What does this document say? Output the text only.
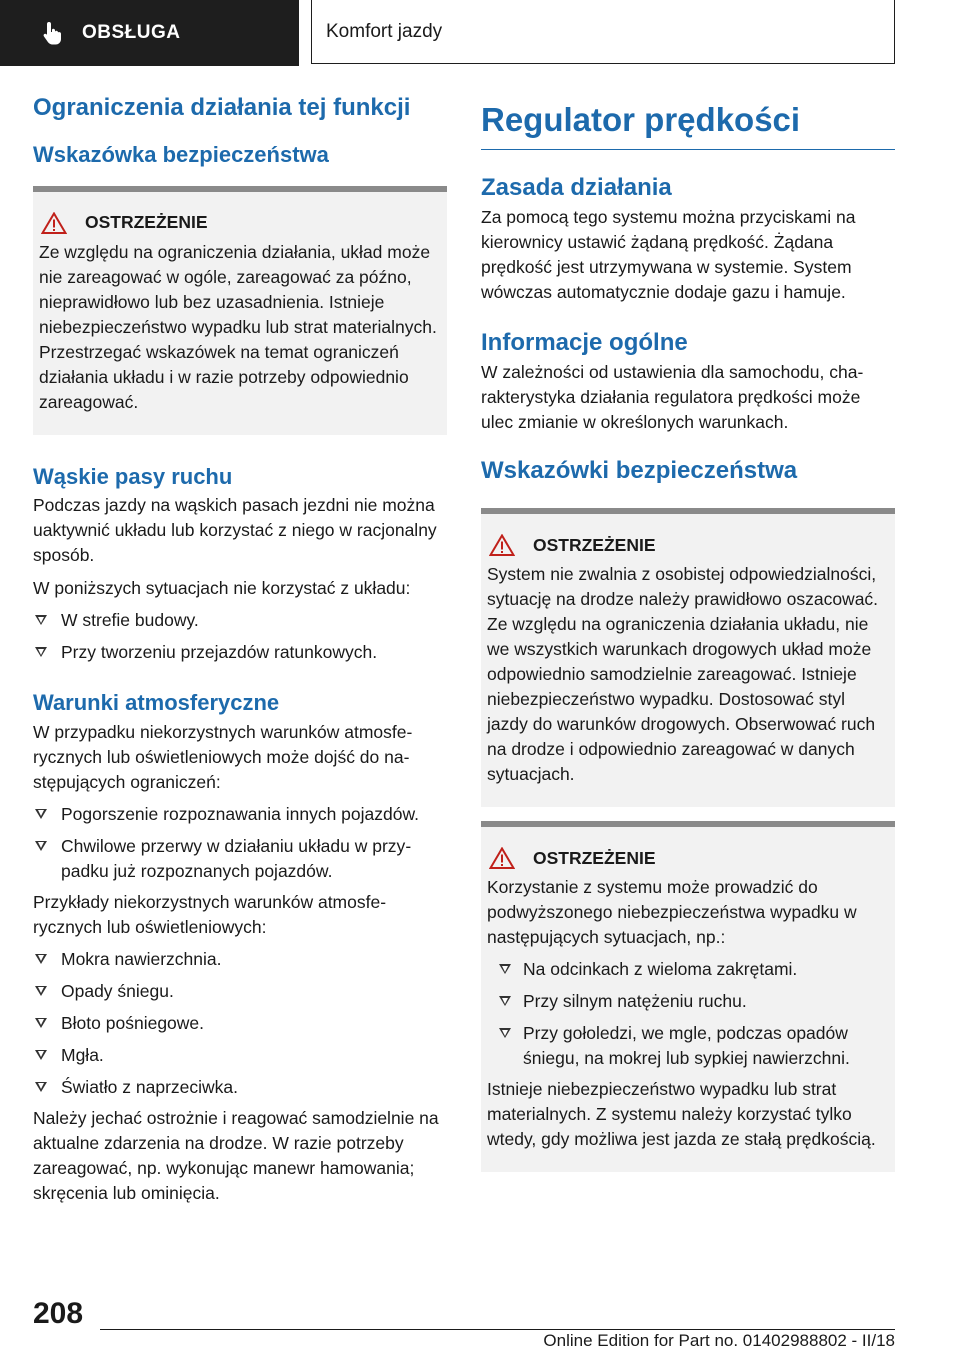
OBSŁUGA	Komfort jazdy
Ograniczenia działania tej funkcji
Wskazówka bezpieczeństwa
OSTRZEŻENIE

Ze względu na ograniczenia działania, układ może nie zareagować w ogóle, zareagować za późno, nieprawidłowo lub bez uzasadnienia. Istnieje niebezpieczeństwo wypadku lub strat materialnych. Przestrzegać wskazówek na temat ograniczeń działania układu i w razie potrzeby odpowiednio zareagować.

Wąskie pasy ruchu

Podczas jazdy na wąskich pasach jezdni nie można uaktywnić układu lub korzystać z niego w racjonalny sposób.

W poniższych sytuacjach nie korzystać z układu:

W strefie budowy.
Przy tworzeniu przejazdów ratunkowych.
Warunki atmosferyczne

W przypadku niekorzystnych warunków atmosferycznych lub oświetleniowych może dojść do następujących ograniczeń:

Pogorszenie rozpoznawania innych pojazdów.
Chwilowe przerwy w działaniu układu w przypadku już rozpoznanych pojazdów.

Przykłady niekorzystnych warunków atmosferycznych lub oświetleniowych:

Mokra nawierzchnia.
Opady śniegu.
Błoto pośniegowe.
Mgła.
Światło z naprzeciwka.

Należy jechać ostrożnie i reagować samodzielnie na aktualne zdarzenia na drodze. W razie potrzeby zareagować, np. wykonując manewr hamowania; skręcenia lub ominięcia.

Regulator prędkości
Zasada działania

Za pomocą tego systemu można przyciskami na kierownicy ustawić żądaną prędkość. Żądana prędkość jest utrzymywana w systemie. System wówczas automatycznie dodaje gazu i hamuje.

Informacje ogólne

W zależności od ustawienia dla samochodu, charakterystyka działania regulatora prędkości może ulec zmianie w określonych warunkach.

Wskazówki bezpieczeństwa
OSTRZEŻENIE

System nie zwalnia z osobistej odpowiedzialności, sytuację na drodze należy prawidłowo oszacować. Ze względu na ograniczenia działania układu, nie we wszystkich warunkach drogowych układ może odpowiednio samodzielnie zareagować. Istnieje niebezpieczeństwo wypadku. Dostosować styl jazdy do warunków drogowych. Obserwować ruch na drodze i odpowiednio zareagować w danych sytuacjach.

OSTRZEŻENIE

Korzystanie z systemu może prowadzić do podwyższonego niebezpieczeństwa wypadku w następujących sytuacjach, np.:

Na odcinkach z wieloma zakrętami.
Przy silnym natężeniu ruchu.
Przy gołoledzi, we mgle, podczas opadów śniegu, na mokrej lub sypkiej nawierzchni.

Istnieje niebezpieczeństwo wypadku lub strat materialnych. Z systemu należy korzystać tylko wtedy, gdy możliwa jest jazda ze stałą prędkością.

208
Online Edition for Part no. 01402988802 - II/18
